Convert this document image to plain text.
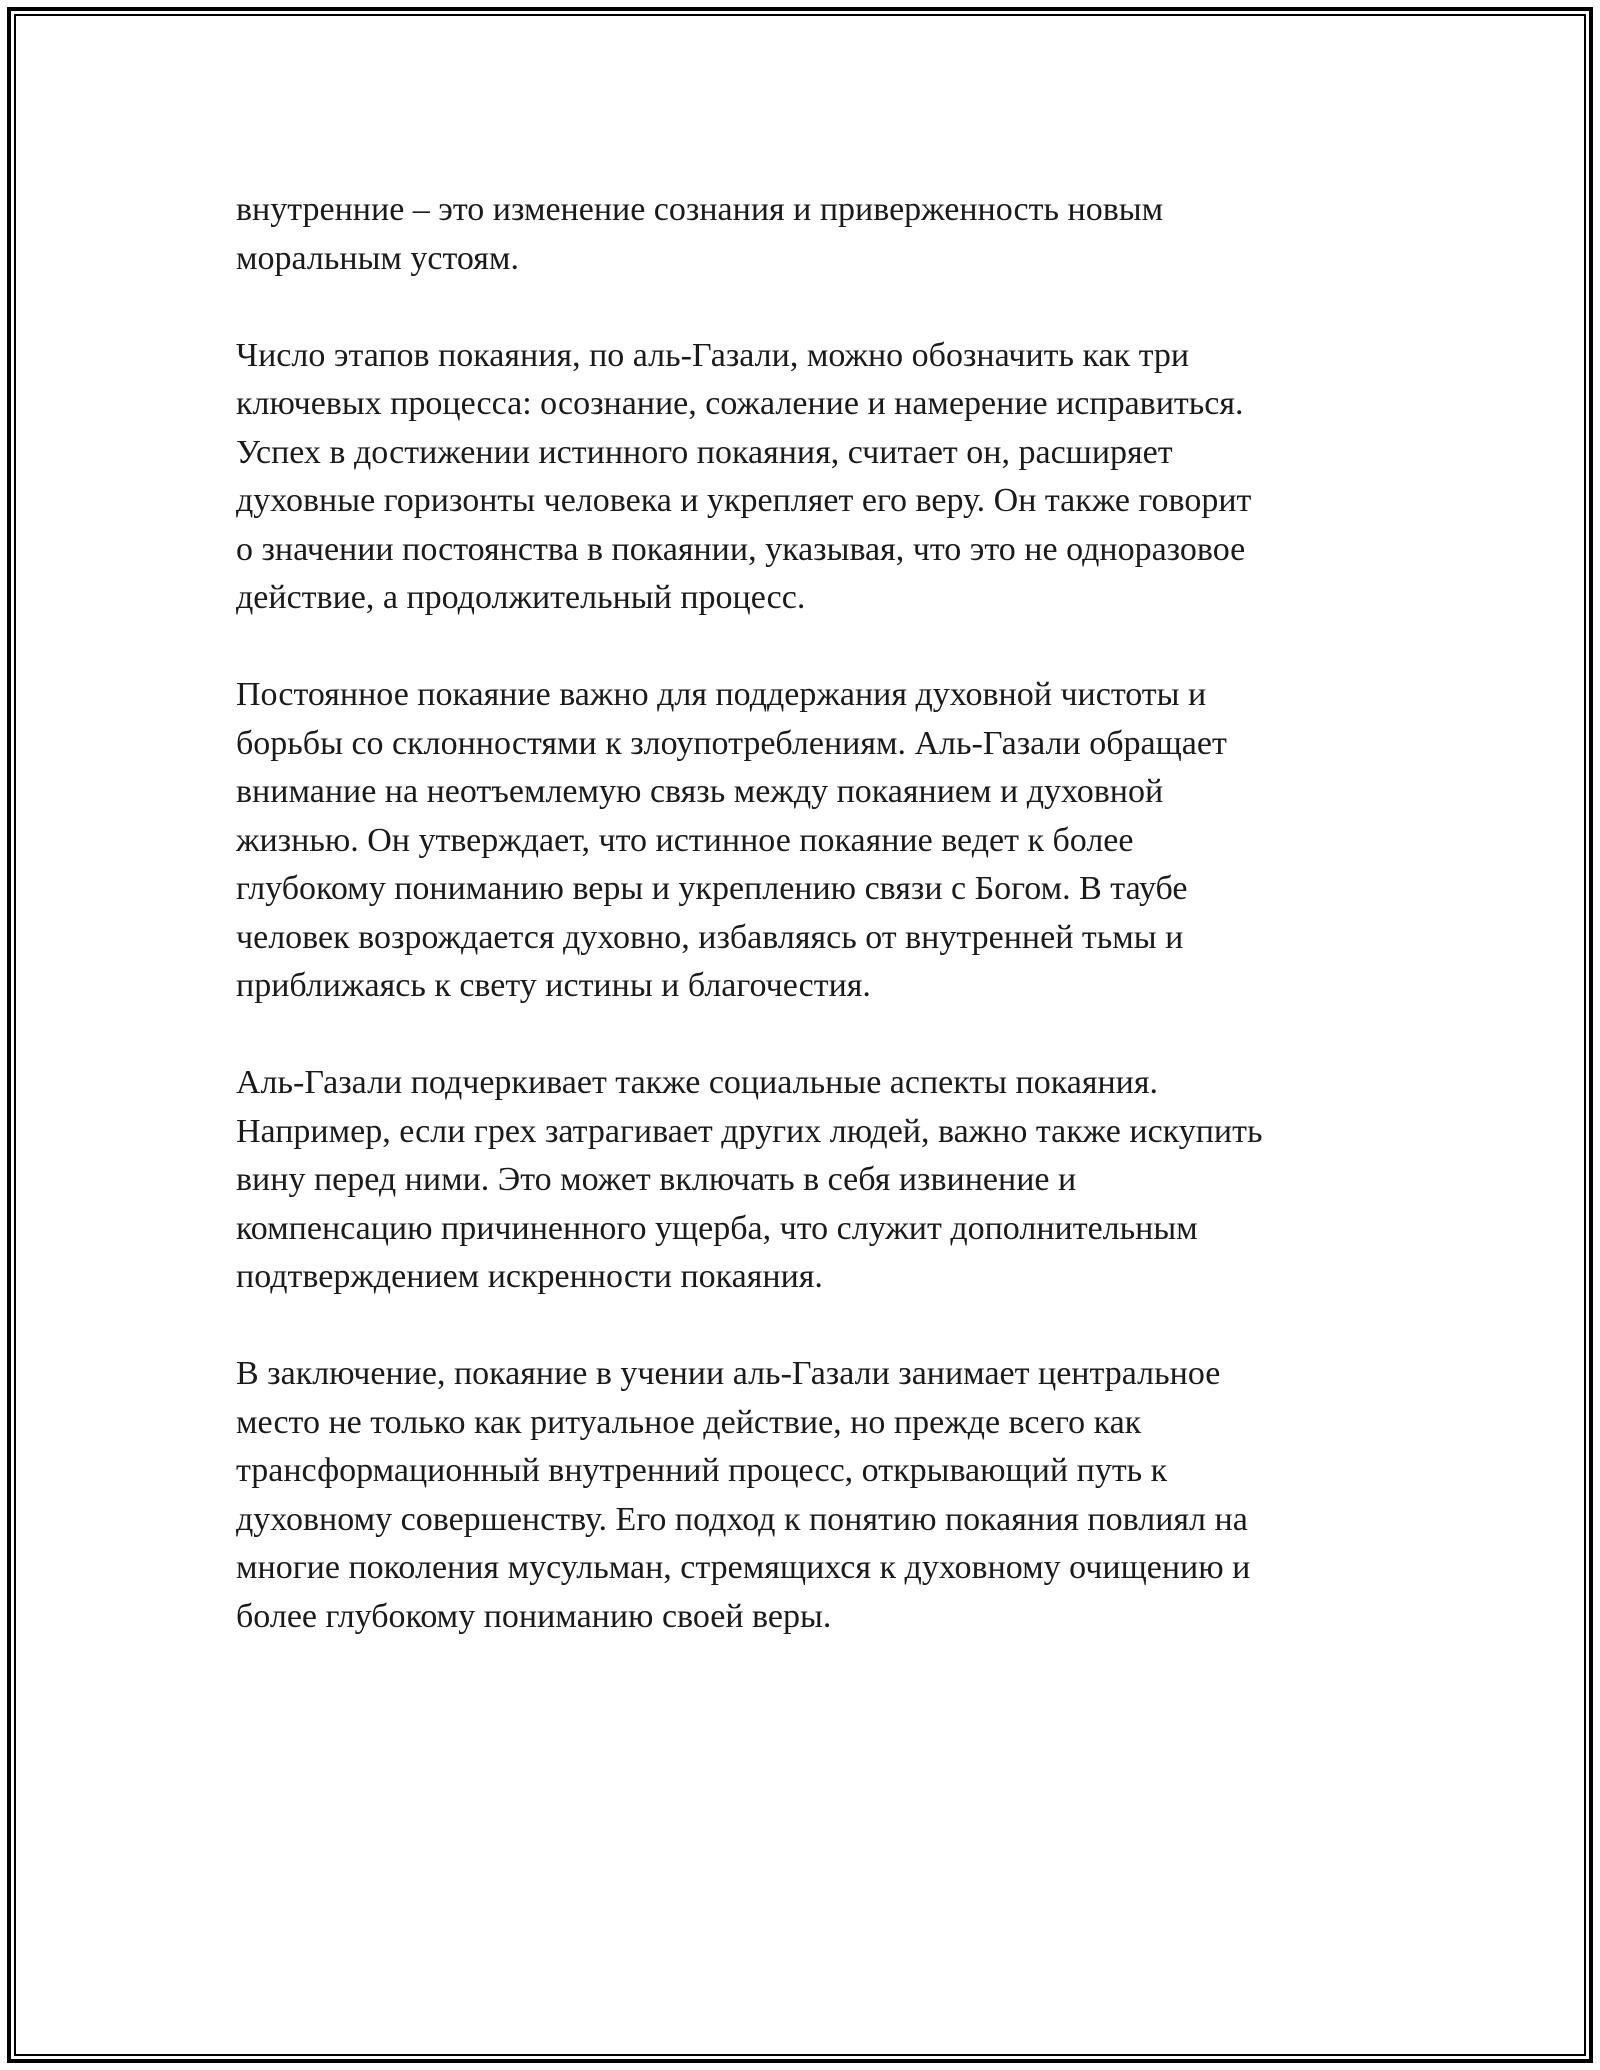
внутренние – это изменение сознания и приверженность новым
моральным устоям.

Число этапов покаяния, по аль-Газали, можно обозначить как три
ключевых процесса: осознание, сожаление и намерение исправиться.
Успех в достижении истинного покаяния, считает он, расширяет
духовные горизонты человека и укрепляет его веру. Он также говорит
о значении постоянства в покаянии, указывая, что это не одноразовое
действие, а продолжительный процесс.

Постоянное покаяние важно для поддержания духовной чистоты и
борьбы со склонностями к злоупотреблениям. Аль-Газали обращает
внимание на неотъемлемую связь между покаянием и духовной
жизнью. Он утверждает, что истинное покаяние ведет к более
глубокому пониманию веры и укреплению связи с Богом. В таубе
человек возрождается духовно, избавляясь от внутренней тьмы и
приближаясь к свету истины и благочестия.

Аль-Газали подчеркивает также социальные аспекты покаяния.
Например, если грех затрагивает других людей, важно также искупить
вину перед ними. Это может включать в себя извинение и
компенсацию причиненного ущерба, что служит дополнительным
подтверждением искренности покаяния.

В заключение, покаяние в учении аль-Газали занимает центральное
место не только как ритуальное действие, но прежде всего как
трансформационный внутренний процесс, открывающий путь к
духовному совершенству. Его подход к понятию покаяния повлиял на
многие поколения мусульман, стремящихся к духовному очищению и
более глубокому пониманию своей веры.
